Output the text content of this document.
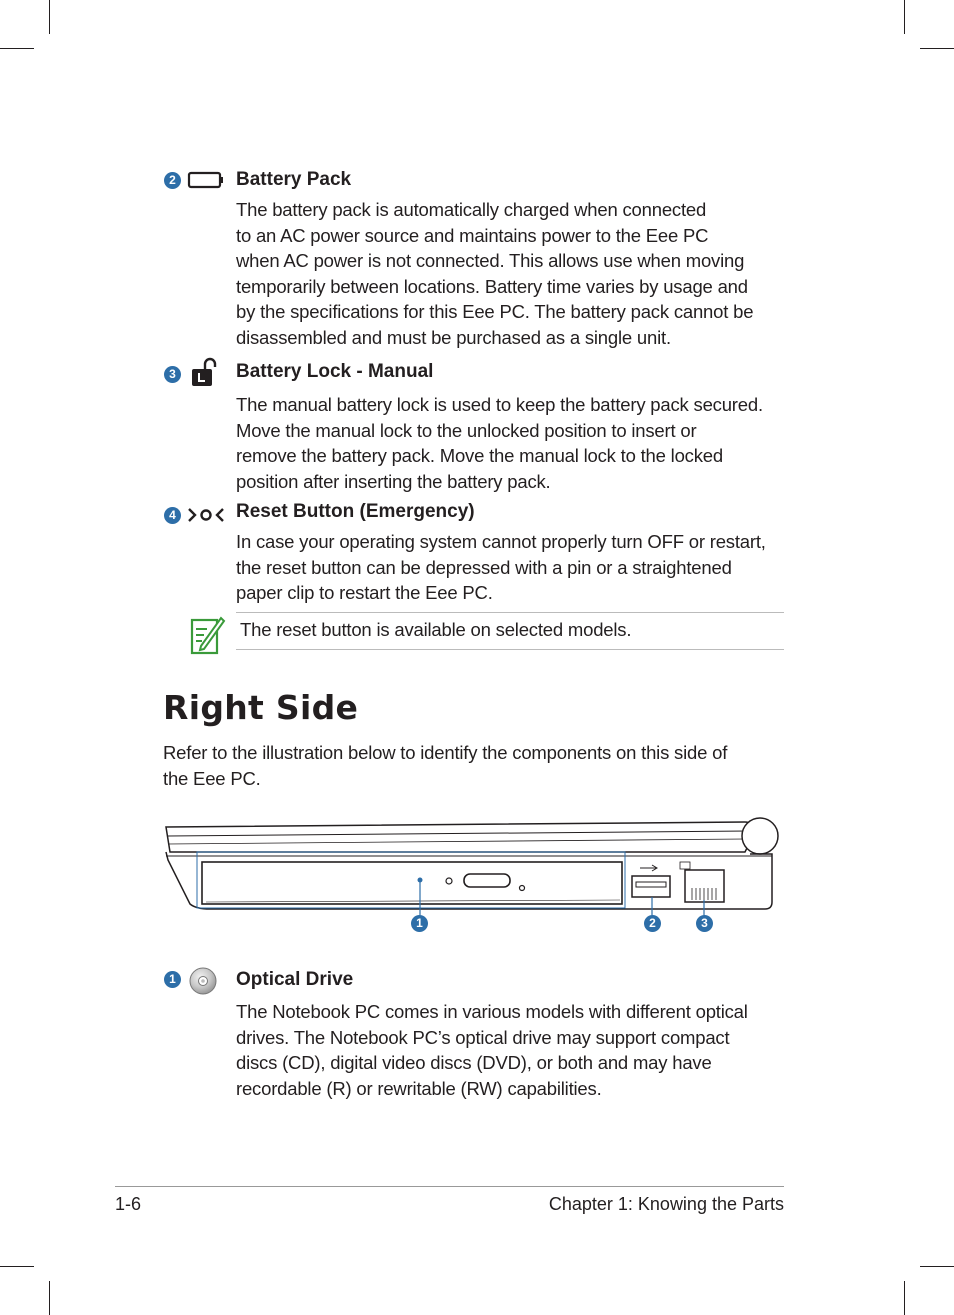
2	Battery Pack

The battery pack is automatically charged when connected

to an AC power source and maintains power to the Eee PC

when AC power is not connected. This allows use when moving

temporarily between locations. Battery time varies by usage and

by the specifications for this Eee PC. The battery pack cannot be

disassembled and must be purchased as a single unit.

3	Battery Lock - Manual

The manual battery lock is used to keep the battery pack secured.

Move the manual lock to the unlocked position to insert or

remove the battery pack. Move the manual lock to the locked

position after inserting the battery pack.

4	Reset Button (Emergency)

In case your operating system cannot properly turn OFF or restart,

the reset button can be depressed with a pin or a straightened

paper clip to restart the Eee PC.

The reset button is available on selected models.
Right Side

Refer to the illustration below to identify the components on this side of

the Eee PC.

1	2	3
1	Optical Drive

The Notebook PC comes in various models with different optical

drives. The Notebook PC’s optical drive may support compact

discs (CD), digital video discs (DVD), or both and may have

recordable (R) or rewritable (RW) capabilities.

1-6	Chapter 1: Knowing the Parts
